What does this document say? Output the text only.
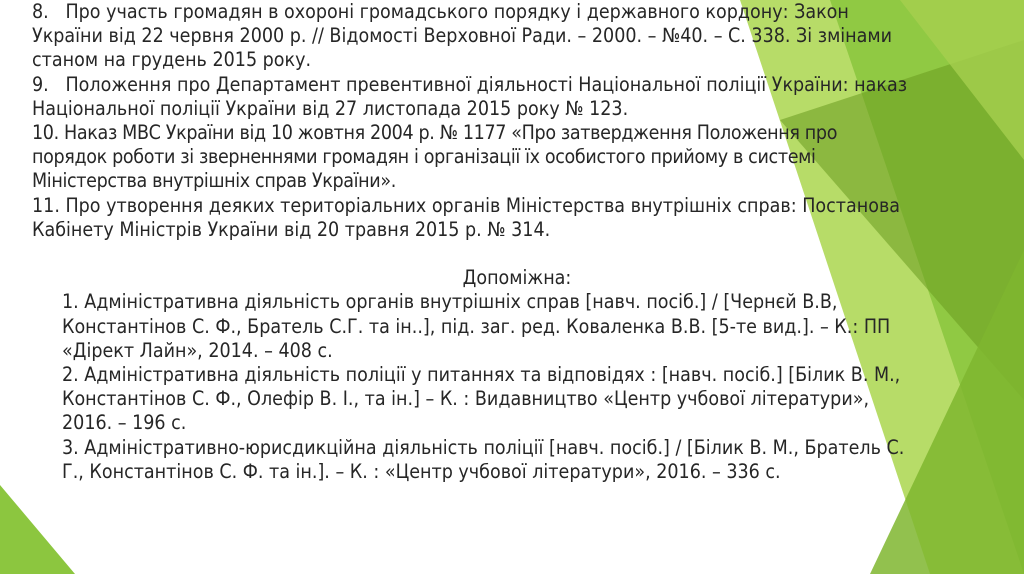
8.   Про участь громадян в охороні громадського порядку і державного кордону: Закон України від 22 червня 2000 р. // Відомості Верховної Ради. – 2000. – №40. – С. 338. Зі змінами станом на грудень 2015 року.

9.   Положення про Департамент превентивної діяльності Національної поліції України: наказ Національної поліції України від 27 листопада 2015 року № 123.

10. Наказ МВС України від 10 жовтня 2004 р. № 1177 «Про затвердження Положення про порядок роботи зі зверненнями громадян і організації їх особистого прийому в системі Міністерства внутрішніх справ України».

11. Про утворення деяких територіальних органів Міністерства внутрішніх справ: Постанова Кабінету Міністрів України від 20 травня 2015 р. № 314.

Допоміжна:

1. Адміністративна діяльність органів внутрішніх справ [навч. посіб.] / [Чернєй В.В, Константінов С. Ф., Братель С.Г. та ін..], під. заг. ред. Коваленка В.В. [5-те вид.]. – К.: ПП «Дірект Лайн», 2014. – 408 с.

2. Адміністративна діяльність поліції у питаннях та відповідях : [навч. посіб.] [Білик В. М., Константінов С. Ф., Олефір В. І., та ін.] – К. : Видавництво «Центр учбової літератури», 2016. – 196 с.

3. Адміністративно-юрисдикційна діяльність поліції [навч. посіб.] / [Білик В. М., Братель С. Г., Константінов С. Ф. та ін.]. – К. : «Центр учбової літератури», 2016. – 336 с.
